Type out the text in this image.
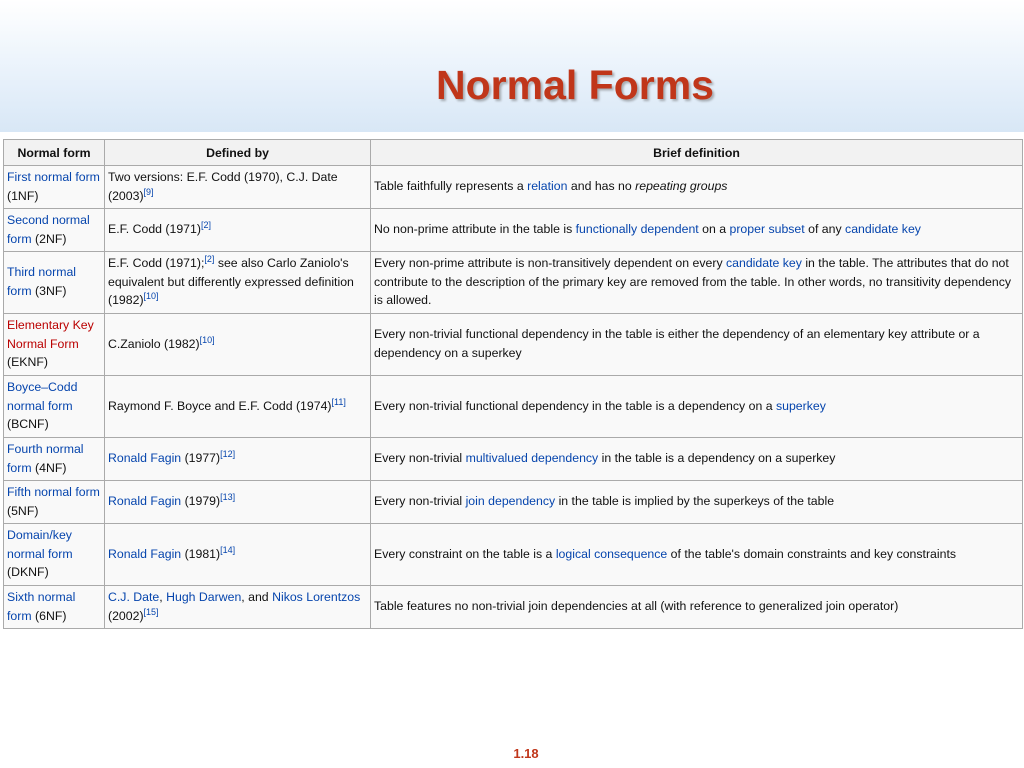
Normal Forms
Normal form	Defined by	Brief definition
First normal form (1NF)	Two versions: E.F. Codd (1970), C.J. Date (2003)[9]	Table faithfully represents a relation and has no repeating groups
Second normal form (2NF)	E.F. Codd (1971)[2]	No non-prime attribute in the table is functionally dependent on a proper subset of any candidate key
Third normal form (3NF)	E.F. Codd (1971);[2] see also Carlo Zaniolo's equivalent but differently expressed definition (1982)[10]	Every non-prime attribute is non-transitively dependent on every candidate key in the table. The attributes that do not contribute to the description of the primary key are removed from the table. In other words, no transitivity dependency is allowed.
Elementary Key Normal Form (EKNF)	C.Zaniolo (1982)[10]	Every non-trivial functional dependency in the table is either the dependency of an elementary key attribute or a dependency on a superkey
Boyce–Codd normal form (BCNF)	Raymond F. Boyce and E.F. Codd (1974)[11]	Every non-trivial functional dependency in the table is a dependency on a superkey
Fourth normal form (4NF)	Ronald Fagin (1977)[12]	Every non-trivial multivalued dependency in the table is a dependency on a superkey
Fifth normal form (5NF)	Ronald Fagin (1979)[13]	Every non-trivial join dependency in the table is implied by the superkeys of the table
Domain/key normal form (DKNF)	Ronald Fagin (1981)[14]	Every constraint on the table is a logical consequence of the table's domain constraints and key constraints
Sixth normal form (6NF)	C.J. Date, Hugh Darwen, and Nikos Lorentzos (2002)[15]	Table features no non-trivial join dependencies at all (with reference to generalized join operator)
1.18
